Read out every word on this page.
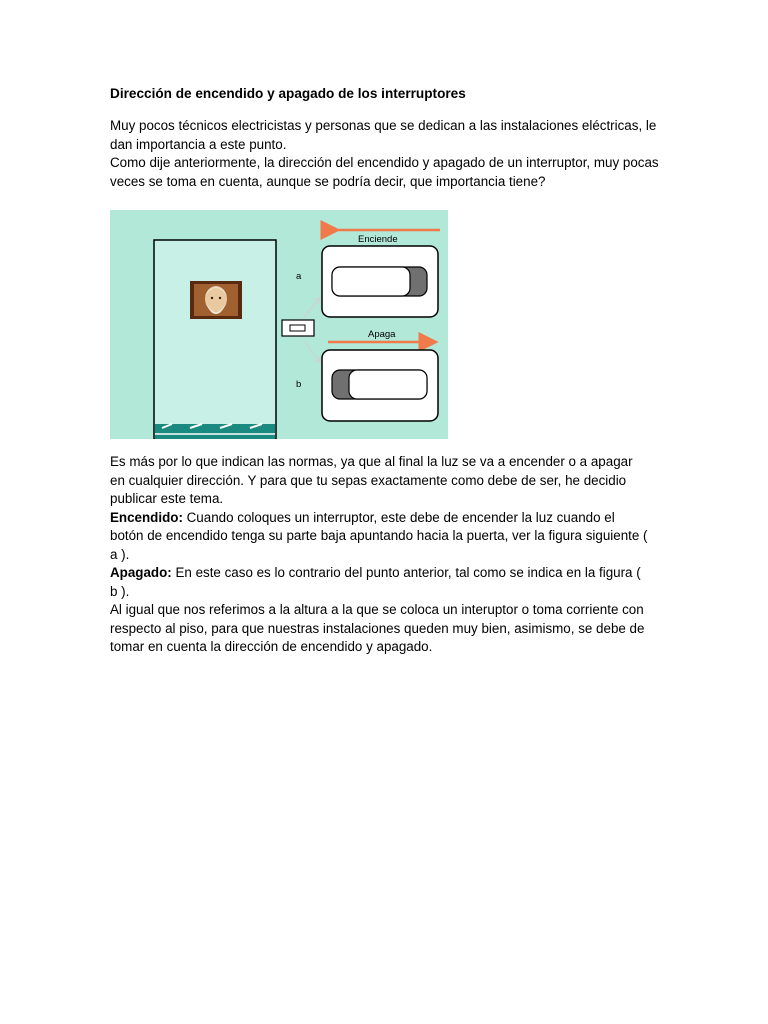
Dirección de encendido y apagado de los interruptores

Muy pocos técnicos electricistas y personas que se dedican a las instalaciones eléctricas, le dan importancia a este punto.

Como dije anteriormente, la dirección del encendido y apagado de un interruptor, muy pocas veces se toma en cuenta, aunque se podría decir, que importancia tiene?

a
b
Enciende
Apaga

Es más por lo que indican las normas, ya que al final la luz se va a encender o a apagar en cualquier dirección. Y para que tu sepas exactamente como debe de ser, he decidio publicar este tema.

Encendido: Cuando coloques un interruptor, este debe de encender la luz cuando el botón de encendido tenga su parte baja apuntando hacia la puerta, ver la figura siguiente ( a ).

Apagado: En este caso es lo contrario del punto anterior, tal como se indica en la figura ( b ).

Al igual que nos referimos a la altura a la que se coloca un interuptor o toma corriente con respecto al piso, para que nuestras instalaciones queden muy bien, asimismo, se debe de tomar en cuenta la dirección de encendido y apagado.
